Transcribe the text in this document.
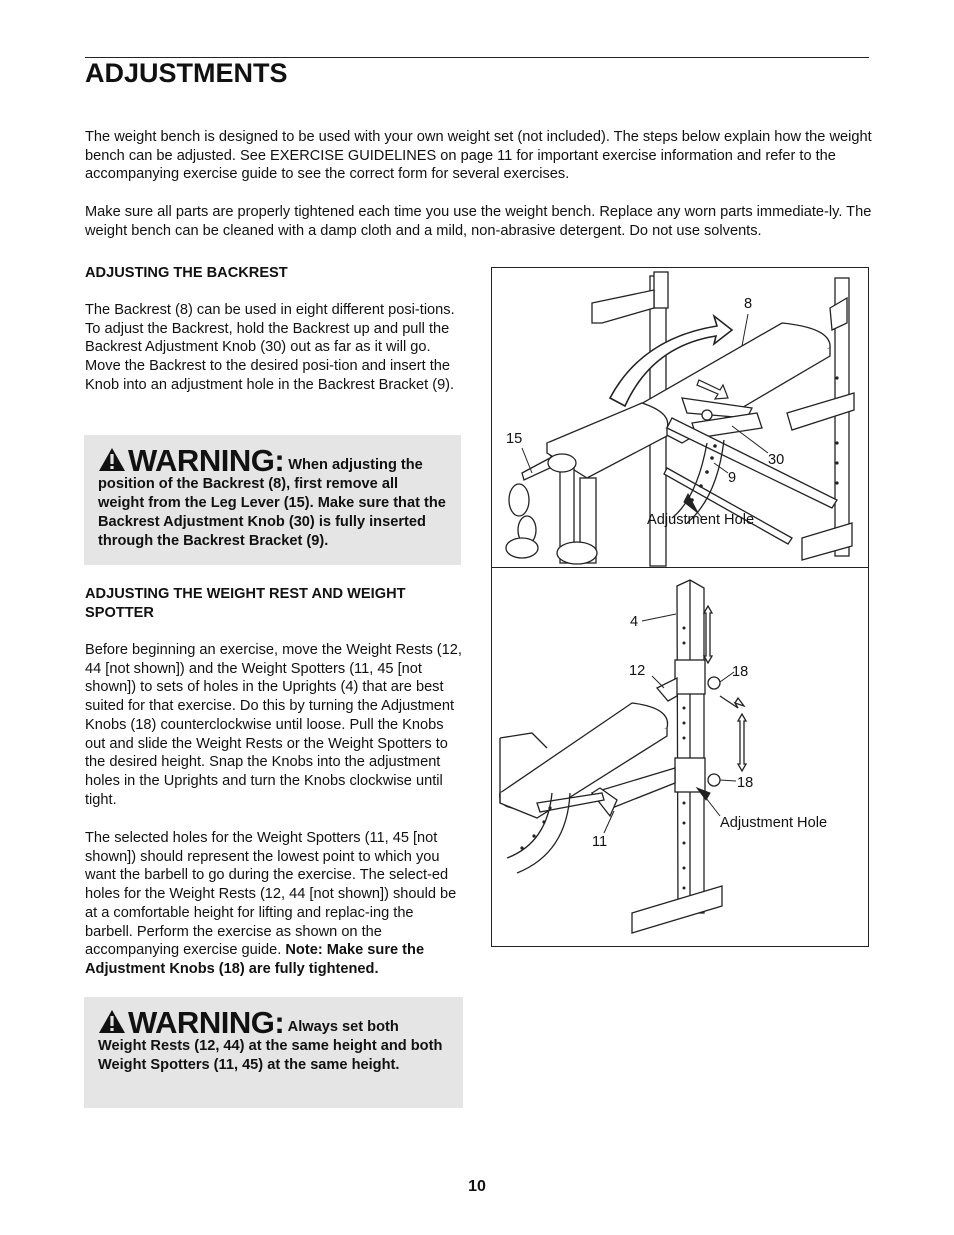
ADJUSTMENTS

The weight bench is designed to be used with your own weight set (not included). The steps below explain how the weight bench can be adjusted. See EXERCISE GUIDELINES on page 11 for important exercise information and refer to the accompanying exercise guide to see the correct form for several exercises.

Make sure all parts are properly tightened each time you use the weight bench. Replace any worn parts immediate-ly. The weight bench can be cleaned with a damp cloth and a mild, non-abrasive detergent. Do not use solvents.

ADJUSTING THE BACKREST

The Backrest (8) can be used in eight different posi-tions. To adjust the Backrest, hold the Backrest up and pull the Backrest Adjustment Knob (30) out as far as it will go. Move the Backrest to the desired posi-tion and insert the Knob into an adjustment hole in the Backrest Bracket (9).

WARNING: When adjusting the position of the Backrest (8), first remove all weight from the Leg Lever (15). Make sure that the Backrest Adjustment Knob (30) is fully inserted through the Backrest Bracket (9).

ADJUSTING THE WEIGHT REST AND WEIGHT SPOTTER

Before beginning an exercise, move the Weight Rests (12, 44 [not shown]) and the Weight Spotters (11, 45 [not shown]) to sets of holes in the Uprights (4) that are best suited for that exercise. Do this by turning the Adjustment Knobs (18) counterclockwise until loose. Pull the Knobs out and slide the Weight Rests or the Weight Spotters to the desired height. Snap the Knobs into the adjustment holes in the Uprights and turn the Knobs clockwise until tight.

The selected holes for the Weight Spotters (11, 45 [not shown]) should represent the lowest point to which you want the barbell to go during the exercise. The select-ed holes for the Weight Rests (12, 44 [not shown]) should be at a comfortable height for lifting and replac-ing the barbell. Perform the exercise as shown on the accompanying exercise guide. Note: Make sure the Adjustment Knobs (18) are fully tightened.

WARNING: Always set both Weight Rests (12, 44) at the same height and both Weight Spotters (11, 45) at the same height.

8
15
30
9
Adjustment Hole
4
12	18
18
Adjustment Hole
11

10
